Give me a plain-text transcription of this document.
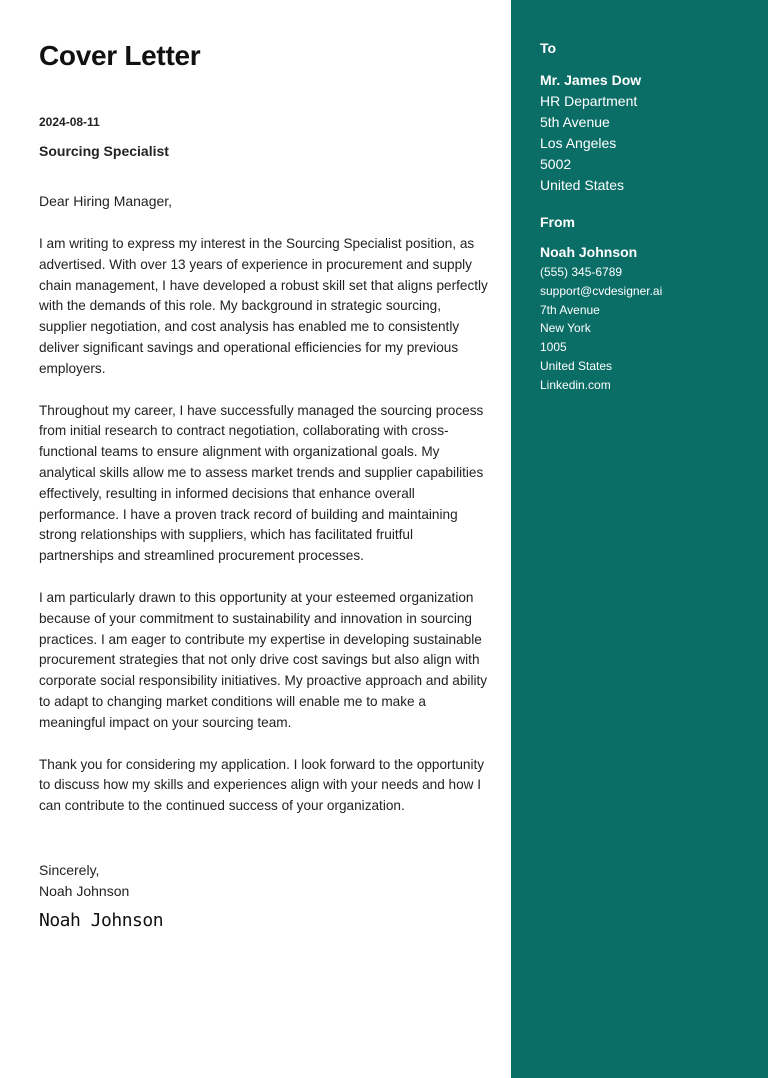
Cover Letter
2024-08-11
Sourcing Specialist
Dear Hiring Manager,

I am writing to express my interest in the Sourcing Specialist position, as advertised. With over 13 years of experience in procurement and supply chain management, I have developed a robust skill set that aligns perfectly with the demands of this role. My background in strategic sourcing, supplier negotiation, and cost analysis has enabled me to consistently deliver significant savings and operational efficiencies for my previous employers.

Throughout my career, I have successfully managed the sourcing process from initial research to contract negotiation, collaborating with cross-functional teams to ensure alignment with organizational goals. My analytical skills allow me to assess market trends and supplier capabilities effectively, resulting in informed decisions that enhance overall performance. I have a proven track record of building and maintaining strong relationships with suppliers, which has facilitated fruitful partnerships and streamlined procurement processes.

I am particularly drawn to this opportunity at your esteemed organization because of your commitment to sustainability and innovation in sourcing practices. I am eager to contribute my expertise in developing sustainable procurement strategies that not only drive cost savings but also align with corporate social responsibility initiatives. My proactive approach and ability to adapt to changing market conditions will enable me to make a meaningful impact on your sourcing team.

Thank you for considering my application. I look forward to the opportunity to discuss how my skills and experiences align with your needs and how I can contribute to the continued success of your organization.

Sincerely,
Noah Johnson
Noah Johnson
To
Mr. James Dow
HR Department
5th Avenue
Los Angeles
5002
United States
From
Noah Johnson
(555) 345-6789
support@cvdesigner.ai
7th Avenue
New York
1005
United States
Linkedin.com
